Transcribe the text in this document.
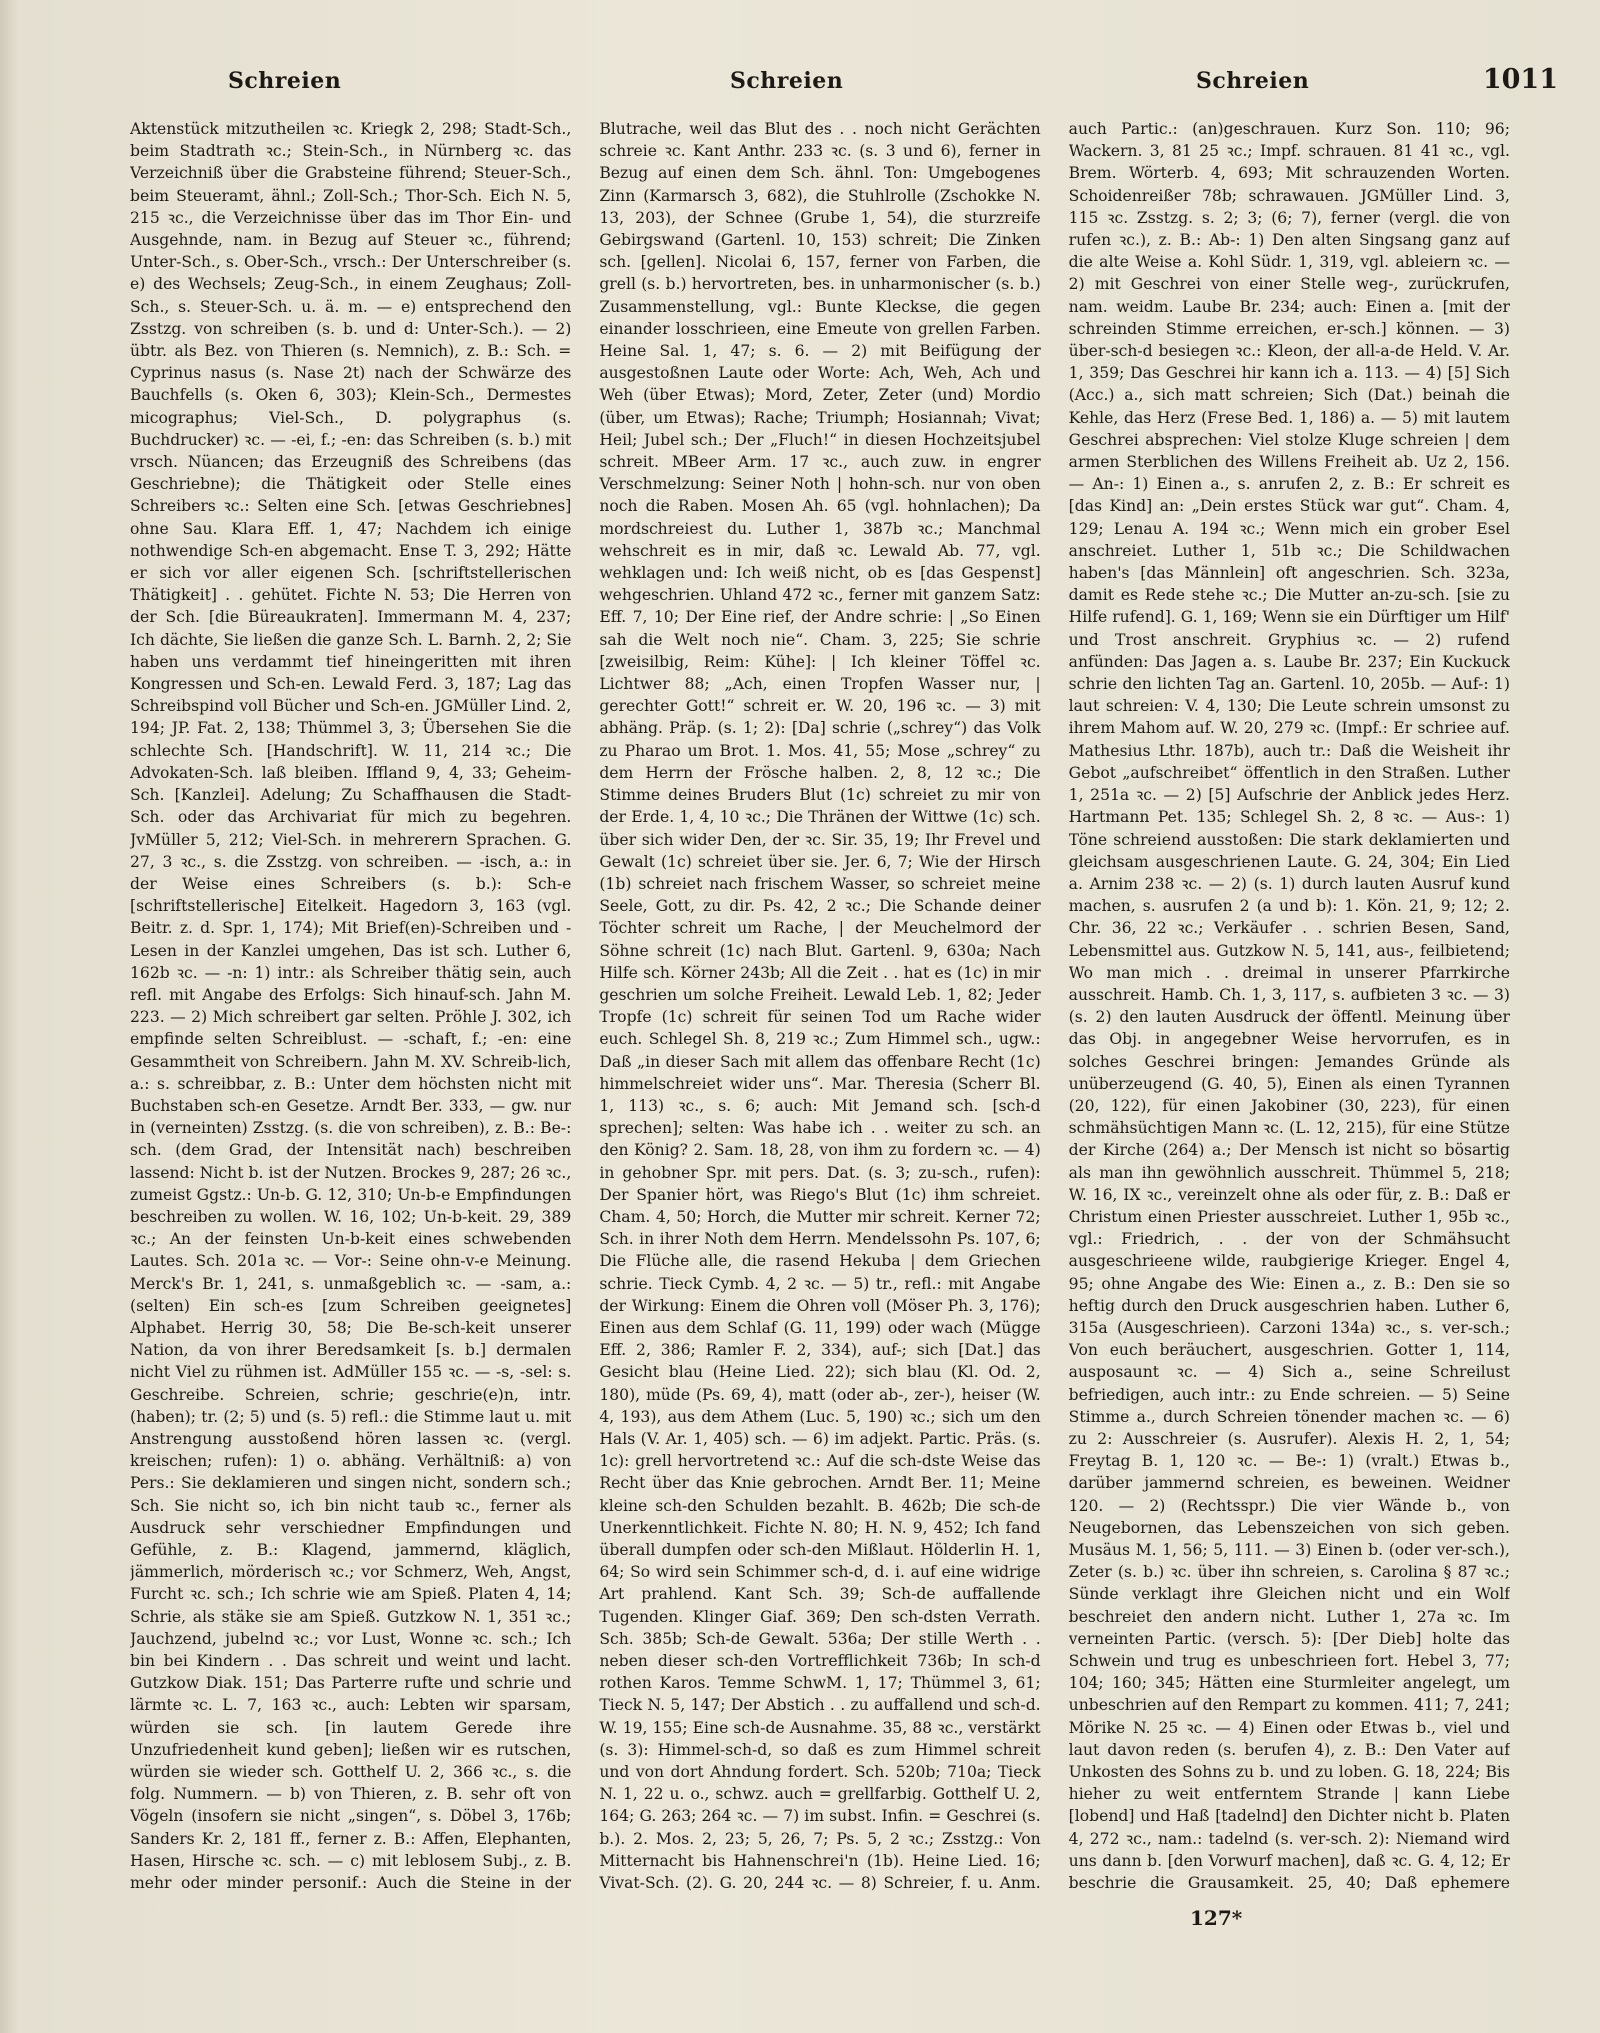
Schreien	Schreien	Schreien	1011

Aktenstück mitzutheilen ꝛc. Kriegk 2, 298; Stadt-Sch., beim Stadtrath ꝛc.; Stein-Sch., in Nürnberg ꝛc. das Verzeichniß über die Grabsteine führend; Steuer-Sch., beim Steueramt, ähnl.; Zoll-Sch.; Thor-Sch. Eich N. 5, 215 ꝛc., die Verzeichnisse über das im Thor Ein- und Ausgehnde, nam. in Bezug auf Steuer ꝛc., führend; Unter-Sch., s. Ober-Sch., vrsch.: Der Unterschreiber (s. e) des Wechsels; Zeug-Sch., in einem Zeughaus; Zoll-Sch., s. Steuer-Sch. u. ä. m. — e) entsprechend den Zsstzg. von schreiben (s. b. und d: Unter-Sch.). — 2) übtr. als Bez. von Thieren (s. Nemnich), z. B.: Sch. = Cyprinus nasus (s. Nase 2t) nach der Schwärze des Bauchfells (s. Oken 6, 303); Klein-Sch., Dermestes micographus; Viel-Sch., D. polygraphus (s. Buchdrucker) ꝛc. — -ei, f.; -en: das Schreiben (s. b.) mit vrsch. Nüancen; das Erzeugniß des Schreibens (das Geschriebne); die Thätigkeit oder Stelle eines Schreibers ꝛc.: Selten eine Sch. [etwas Geschriebnes] ohne Sau. Klara Eff. 1, 47; Nachdem ich einige nothwendige Sch-en abgemacht. Ense T. 3, 292; Hätte er sich vor aller eigenen Sch. [schriftstellerischen Thätigkeit] . . gehütet. Fichte N. 53; Die Herren von der Sch. [die Büreaukraten]. Immermann M. 4, 237; Ich dächte, Sie ließen die ganze Sch. L. Barnh. 2, 2; Sie haben uns verdammt tief hineingeritten mit ihren Kongressen und Sch-en. Lewald Ferd. 3, 187; Lag das Schreibspind voll Bücher und Sch-en. JGMüller Lind. 2, 194; JP. Fat. 2, 138; Thümmel 3, 3; Übersehen Sie die schlechte Sch. [Handschrift]. W. 11, 214 ꝛc.; Die Advokaten-Sch. laß bleiben. Iffland 9, 4, 33; Geheim-Sch. [Kanzlei]. Adelung; Zu Schaffhausen die Stadt-Sch. oder das Archivariat für mich zu begehren. JvMüller 5, 212; Viel-Sch. in mehrerern Sprachen. G. 27, 3 ꝛc., s. die Zsstzg. von schreiben. — -isch, a.: in der Weise eines Schreibers (s. b.): Sch-e [schriftstellerische] Eitelkeit. Hagedorn 3, 163 (vgl. Beitr. z. d. Spr. 1, 174); Mit Brief(en)-Schreiben und -Lesen in der Kanzlei umgehen, Das ist sch. Luther 6, 162b ꝛc. — -n: 1) intr.: als Schreiber thätig sein, auch refl. mit Angabe des Erfolgs: Sich hinauf-sch. Jahn M. 223. — 2) Mich schreibert gar selten. Pröhle J. 302, ich empfinde selten Schreiblust. — -schaft, f.; -en: eine Gesammtheit von Schreibern. Jahn M. XV. Schreib-lich, a.: s. schreibbar, z. B.: Unter dem höchsten nicht mit Buchstaben sch-en Gesetze. Arndt Ber. 333, — gw. nur in (verneinten) Zsstzg. (s. die von schreiben), z. B.: Be-: sch. (dem Grad, der Intensität nach) beschreiben lassend: Nicht b. ist der Nutzen. Brockes 9, 287; 26 ꝛc., zumeist Ggstz.: Un-b. G. 12, 310; Un-b-e Empfindungen beschreiben zu wollen. W. 16, 102; Un-b-keit. 29, 389 ꝛc.; An der feinsten Un-b-keit eines schwebenden Lautes. Sch. 201a ꝛc. — Vor-: Seine ohn-v-e Meinung. Merck's Br. 1, 241, s. unmaßgeblich ꝛc. — -sam, a.: (selten) Ein sch-es [zum Schreiben geeignetes] Alphabet. Herrig 30, 58; Die Be-sch-keit unserer Nation, da von ihrer Beredsamkeit [s. b.] dermalen nicht Viel zu rühmen ist. AdMüller 155 ꝛc. — -s, -sel: s. Geschreibe. Schreien, schrie; geschrie(e)n, intr. (haben); tr. (2; 5) und (s. 5) refl.: die Stimme laut u. mit Anstrengung ausstoßend hören lassen ꝛc. (vergl. kreischen; rufen): 1) o. abhäng. Verhältniß: a) von Pers.: Sie deklamieren und singen nicht, sondern sch.; Sch. Sie nicht so, ich bin nicht taub ꝛc., ferner als Ausdruck sehr verschiedner Empfindungen und Gefühle, z. B.: Klagend, jammernd, kläglich, jämmerlich, mörderisch ꝛc.; vor Schmerz, Weh, Angst, Furcht ꝛc. sch.; Ich schrie wie am Spieß. Platen 4, 14; Schrie, als stäke sie am Spieß. Gutzkow N. 1, 351 ꝛc.; Jauchzend, jubelnd ꝛc.; vor Lust, Wonne ꝛc. sch.; Ich bin bei Kindern . . Das schreit und weint und lacht. Gutzkow Diak. 151; Das Parterre rufte und schrie und lärmte ꝛc. L. 7, 163 ꝛc., auch: Lebten wir sparsam, würden sie sch. [in lautem Gerede ihre Unzufriedenheit kund geben]; ließen wir es rutschen, würden sie wieder sch. Gotthelf U. 2, 366 ꝛc., s. die folg. Nummern. — b) von Thieren, z. B. sehr oft von Vögeln (insofern sie nicht „singen“, s. Döbel 3, 176b; Sanders Kr. 2, 181 ff., ferner z. B.: Affen, Elephanten, Hasen, Hirsche ꝛc. sch. — c) mit leblosem Subj., z. B. mehr oder minder personif.: Auch die Steine in der

Blutrache, weil das Blut des . . noch nicht Gerächten schreie ꝛc. Kant Anthr. 233 ꝛc. (s. 3 und 6), ferner in Bezug auf einen dem Sch. ähnl. Ton: Umgebogenes Zinn (Karmarsch 3, 682), die Stuhlrolle (Zschokke N. 13, 203), der Schnee (Grube 1, 54), die sturzreife Gebirgswand (Gartenl. 10, 153) schreit; Die Zinken sch. [gellen]. Nicolai 6, 157, ferner von Farben, die grell (s. b.) hervortreten, bes. in unharmonischer (s. b.) Zusammenstellung, vgl.: Bunte Kleckse, die gegen einander losschrieen, eine Emeute von grellen Farben. Heine Sal. 1, 47; s. 6. — 2) mit Beifügung der ausgestoßnen Laute oder Worte: Ach, Weh, Ach und Weh (über Etwas); Mord, Zeter, Zeter (und) Mordio (über, um Etwas); Rache; Triumph; Hosiannah; Vivat; Heil; Jubel sch.; Der „Fluch!“ in diesen Hochzeitsjubel schreit. MBeer Arm. 17 ꝛc., auch zuw. in engrer Verschmelzung: Seiner Noth | hohn-sch. nur von oben noch die Raben. Mosen Ah. 65 (vgl. hohnlachen); Da mordschreiest du. Luther 1, 387b ꝛc.; Manchmal wehschreit es in mir, daß ꝛc. Lewald Ab. 77, vgl. wehklagen und: Ich weiß nicht, ob es [das Gespenst] wehgeschrien. Uhland 472 ꝛc., ferner mit ganzem Satz: Eff. 7, 10; Der Eine rief, der Andre schrie: | „So Einen sah die Welt noch nie“. Cham. 3, 225; Sie schrie [zweisilbig, Reim: Kühe]: | Ich kleiner Töffel ꝛc. Lichtwer 88; „Ach, einen Tropfen Wasser nur, | gerechter Gott!“ schreit er. W. 20, 196 ꝛc. — 3) mit abhäng. Präp. (s. 1; 2): [Da] schrie („schrey“) das Volk zu Pharao um Brot. 1. Mos. 41, 55; Mose „schrey“ zu dem Herrn der Frösche halben. 2, 8, 12 ꝛc.; Die Stimme deines Bruders Blut (1c) schreiet zu mir von der Erde. 1, 4, 10 ꝛc.; Die Thränen der Wittwe (1c) sch. über sich wider Den, der ꝛc. Sir. 35, 19; Ihr Frevel und Gewalt (1c) schreiet über sie. Jer. 6, 7; Wie der Hirsch (1b) schreiet nach frischem Wasser, so schreiet meine Seele, Gott, zu dir. Ps. 42, 2 ꝛc.; Die Schande deiner Töchter schreit um Rache, | der Meuchelmord der Söhne schreit (1c) nach Blut. Gartenl. 9, 630a; Nach Hilfe sch. Körner 243b; All die Zeit . . hat es (1c) in mir geschrien um solche Freiheit. Lewald Leb. 1, 82; Jeder Tropfe (1c) schreit für seinen Tod um Rache wider euch. Schlegel Sh. 8, 219 ꝛc.; Zum Himmel sch., ugw.: Daß „in dieser Sach mit allem das offenbare Recht (1c) himmelschreiet wider uns“. Mar. Theresia (Scherr Bl. 1, 113) ꝛc., s. 6; auch: Mit Jemand sch. [sch-d sprechen]; selten: Was habe ich . . weiter zu sch. an den König? 2. Sam. 18, 28, von ihm zu fordern ꝛc. — 4) in gehobner Spr. mit pers. Dat. (s. 3; zu-sch., rufen): Der Spanier hört, was Riego's Blut (1c) ihm schreiet. Cham. 4, 50; Horch, die Mutter mir schreit. Kerner 72; Sch. in ihrer Noth dem Herrn. Mendelssohn Ps. 107, 6; Die Flüche alle, die rasend Hekuba | dem Griechen schrie. Tieck Cymb. 4, 2 ꝛc. — 5) tr., refl.: mit Angabe der Wirkung: Einem die Ohren voll (Möser Ph. 3, 176); Einen aus dem Schlaf (G. 11, 199) oder wach (Mügge Eff. 2, 386; Ramler F. 2, 334), auf-; sich [Dat.] das Gesicht blau (Heine Lied. 22); sich blau (Kl. Od. 2, 180), müde (Ps. 69, 4), matt (oder ab-, zer-), heiser (W. 4, 193), aus dem Athem (Luc. 5, 190) ꝛc.; sich um den Hals (V. Ar. 1, 405) sch. — 6) im adjekt. Partic. Präs. (s. 1c): grell hervortretend ꝛc.: Auf die sch-dste Weise das Recht über das Knie gebrochen. Arndt Ber. 11; Meine kleine sch-den Schulden bezahlt. B. 462b; Die sch-de Unerkenntlichkeit. Fichte N. 80; H. N. 9, 452; Ich fand überall dumpfen oder sch-den Mißlaut. Hölderlin H. 1, 64; So wird sein Schimmer sch-d, d. i. auf eine widrige Art prahlend. Kant Sch. 39; Sch-de auffallende Tugenden. Klinger Giaf. 369; Den sch-dsten Verrath. Sch. 385b; Sch-de Gewalt. 536a; Der stille Werth . . neben dieser sch-den Vortrefflichkeit 736b; In sch-d rothen Karos. Temme SchwM. 1, 17; Thümmel 3, 61; Tieck N. 5, 147; Der Abstich . . zu auffallend und sch-d. W. 19, 155; Eine sch-de Ausnahme. 35, 88 ꝛc., verstärkt (s. 3): Himmel-sch-d, so daß es zum Himmel schreit und von dort Ahndung fordert. Sch. 520b; 710a; Tieck N. 1, 22 u. o., schwz. auch = grellfarbig. Gotthelf U. 2, 164; G. 263; 264 ꝛc. — 7) im subst. Infin. = Geschrei (s. b.). 2. Mos. 2, 23; 5, 26, 7; Ps. 5, 2 ꝛc.; Zsstzg.: Von Mitternacht bis Hahnenschrei'n (1b). Heine Lied. 16; Vivat-Sch. (2). G. 20, 244 ꝛc. — 8) Schreier, f. u. Anm.

auch Partic.: (an)geschrauen. Kurz Son. 110; 96; Wackern. 3, 81 25 ꝛc.; Impf. schrauen. 81 41 ꝛc., vgl. Brem. Wörterb. 4, 693; Mit schrauzenden Worten. Schoidenreißer 78b; schrawauen. JGMüller Lind. 3, 115 ꝛc. Zsstzg. s. 2; 3; (6; 7), ferner (vergl. die von rufen ꝛc.), z. B.: Ab-: 1) Den alten Singsang ganz auf die alte Weise a. Kohl Südr. 1, 319, vgl. ableiern ꝛc. — 2) mit Geschrei von einer Stelle weg-, zurückrufen, nam. weidm. Laube Br. 234; auch: Einen a. [mit der schreinden Stimme erreichen, er-sch.] können. — 3) über-sch-d besiegen ꝛc.: Kleon, der all-a-de Held. V. Ar. 1, 359; Das Geschrei hir kann ich a. 113. — 4) [5] Sich (Acc.) a., sich matt schreien; Sich (Dat.) beinah die Kehle, das Herz (Frese Bed. 1, 186) a. — 5) mit lautem Geschrei absprechen: Viel stolze Kluge schreien | dem armen Sterblichen des Willens Freiheit ab. Uz 2, 156. — An-: 1) Einen a., s. anrufen 2, z. B.: Er schreit es [das Kind] an: „Dein erstes Stück war gut“. Cham. 4, 129; Lenau A. 194 ꝛc.; Wenn mich ein grober Esel anschreiet. Luther 1, 51b ꝛc.; Die Schildwachen haben's [das Männlein] oft angeschrien. Sch. 323a, damit es Rede stehe ꝛc.; Die Mutter an-zu-sch. [sie zu Hilfe rufend]. G. 1, 169; Wenn sie ein Dürftiger um Hilf' und Trost anschreit. Gryphius ꝛc. — 2) rufend anfünden: Das Jagen a. s. Laube Br. 237; Ein Kuckuck schrie den lichten Tag an. Gartenl. 10, 205b. — Auf-: 1) laut schreien: V. 4, 130; Die Leute schrein umsonst zu ihrem Mahom auf. W. 20, 279 ꝛc. (Impf.: Er schriee auf. Mathesius Lthr. 187b), auch tr.: Daß die Weisheit ihr Gebot „aufschreibet“ öffentlich in den Straßen. Luther 1, 251a ꝛc. — 2) [5] Aufschrie der Anblick jedes Herz. Hartmann Pet. 135; Schlegel Sh. 2, 8 ꝛc. — Aus-: 1) Töne schreiend ausstoßen: Die stark deklamierten und gleichsam ausgeschrienen Laute. G. 24, 304; Ein Lied a. Arnim 238 ꝛc. — 2) (s. 1) durch lauten Ausruf kund machen, s. ausrufen 2 (a und b): 1. Kön. 21, 9; 12; 2. Chr. 36, 22 ꝛc.; Verkäufer . . schrien Besen, Sand, Lebensmittel aus. Gutzkow N. 5, 141, aus-, feilbietend; Wo man mich . . dreimal in unserer Pfarrkirche ausschreit. Hamb. Ch. 1, 3, 117, s. aufbieten 3 ꝛc. — 3) (s. 2) den lauten Ausdruck der öffentl. Meinung über das Obj. in angegebner Weise hervorrufen, es in solches Geschrei bringen: Jemandes Gründe als unüberzeugend (G. 40, 5), Einen als einen Tyrannen (20, 122), für einen Jakobiner (30, 223), für einen schmähsüchtigen Mann ꝛc. (L. 12, 215), für eine Stütze der Kirche (264) a.; Der Mensch ist nicht so bösartig als man ihn gewöhnlich ausschreit. Thümmel 5, 218; W. 16, IX ꝛc., vereinzelt ohne als oder für, z. B.: Daß er Christum einen Priester ausschreiet. Luther 1, 95b ꝛc., vgl.: Friedrich, . . der von der Schmähsucht ausgeschrieene wilde, raubgierige Krieger. Engel 4, 95; ohne Angabe des Wie: Einen a., z. B.: Den sie so heftig durch den Druck ausgeschrien haben. Luther 6, 315a (Ausgeschrieen). Carzoni 134a) ꝛc., s. ver-sch.; Von euch beräuchert, ausgeschrien. Gotter 1, 114, ausposaunt ꝛc. — 4) Sich a., seine Schreilust befriedigen, auch intr.: zu Ende schreien. — 5) Seine Stimme a., durch Schreien tönender machen ꝛc. — 6) zu 2: Ausschreier (s. Ausrufer). Alexis H. 2, 1, 54; Freytag B. 1, 120 ꝛc. — Be-: 1) (vralt.) Etwas b., darüber jammernd schreien, es beweinen. Weidner 120. — 2) (Rechtsspr.) Die vier Wände b., von Neugebornen, das Lebenszeichen von sich geben. Musäus M. 1, 56; 5, 111. — 3) Einen b. (oder ver-sch.), Zeter (s. b.) ꝛc. über ihn schreien, s. Carolina § 87 ꝛc.; Sünde verklagt ihre Gleichen nicht und ein Wolf beschreiet den andern nicht. Luther 1, 27a ꝛc. Im verneinten Partic. (versch. 5): [Der Dieb] holte das Schwein und trug es unbeschrieen fort. Hebel 3, 77; 104; 160; 345; Hätten eine Sturmleiter angelegt, um unbeschrien auf den Rempart zu kommen. 411; 7, 241; Mörike N. 25 ꝛc. — 4) Einen oder Etwas b., viel und laut davon reden (s. berufen 4), z. B.: Den Vater auf Unkosten des Sohns zu b. und zu loben. G. 18, 224; Bis hieher zu weit entferntem Strande | kann Liebe [lobend] und Haß [tadelnd] den Dichter nicht b. Platen 4, 272 ꝛc., nam.: tadelnd (s. ver-sch. 2): Niemand wird uns dann b. [den Vorwurf machen], daß ꝛc. G. 4, 12; Er beschrie die Grausamkeit. 25, 40; Daß ephemere

127*
